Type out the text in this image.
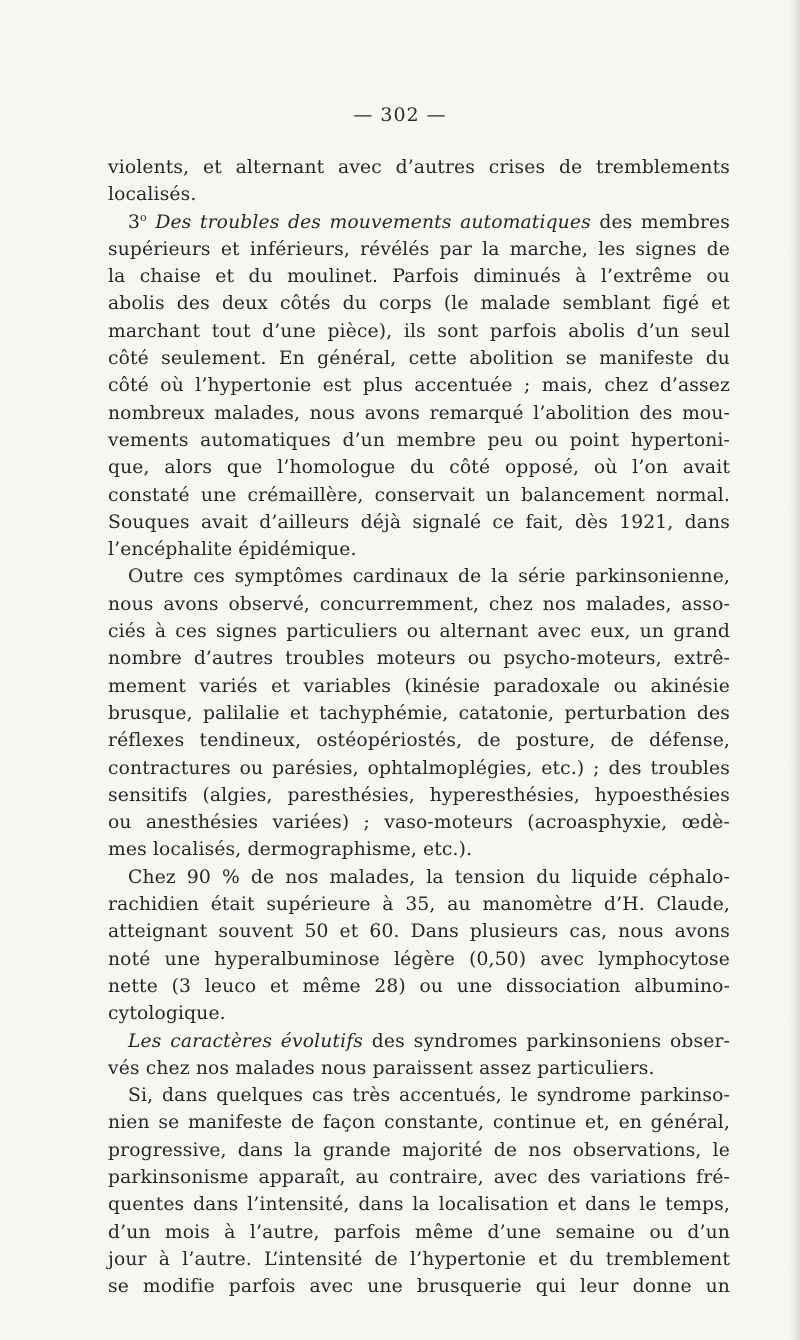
— 302 —
violents, et alternant avec d’autres crises de tremblements
localisés.
3$^o$ Des troubles des mouvements automatiques des membres
supérieurs et inférieurs, révélés par la marche, les signes de
la chaise et du moulinet. Parfois diminués à l’extrême ou
abolis des deux côtés du corps (le malade semblant figé et
marchant tout d’une pièce), ils sont parfois abolis d’un seul
côté seulement. En général, cette abolition se manifeste du
côté où l’hypertonie est plus accentuée ; mais, chez d’assez
nombreux malades, nous avons remarqué l’abolition des mou-
vements automatiques d’un membre peu ou point hypertoni-
que, alors que l’homologue du côté opposé, où l’on avait
constaté une crémaillère, conservait un balancement normal.
Souques avait d’ailleurs déjà signalé ce fait, dès 1921, dans
l’encéphalite épidémique.
Outre ces symptômes cardinaux de la série parkinsonienne,
nous avons observé, concurremment, chez nos malades, asso-
ciés à ces signes particuliers ou alternant avec eux, un grand
nombre d’autres troubles moteurs ou psycho-moteurs, extrê-
mement variés et variables (kinésie paradoxale ou akinésie
brusque, palilalie et tachyphémie, catatonie, perturbation des
réflexes tendineux, ostéopériostés, de posture, de défense,
contractures ou parésies, ophtalmoplégies, etc.) ; des troubles
sensitifs (algies, paresthésies, hyperesthésies, hypoesthésies
ou anesthésies variées) ; vaso-moteurs (acroasphyxie, œdè-
mes localisés, dermographisme, etc.).
Chez 90 % de nos malades, la tension du liquide céphalo-
rachidien était supérieure à 35, au manomètre d’H. Claude,
atteignant souvent 50 et 60. Dans plusieurs cas, nous avons
noté une hyperalbuminose légère (0,50) avec lymphocytose
nette (3 leuco et même 28) ou une dissociation albumino-
cytologique.
Les caractères évolutifs des syndromes parkinsoniens obser-
vés chez nos malades nous paraissent assez particuliers.
Si, dans quelques cas très accentués, le syndrome parkinso-
nien se manifeste de façon constante, continue et, en général,
progressive, dans la grande majorité de nos observations, le
parkinsonisme apparaît, au contraire, avec des variations fré-
quentes dans l’intensité, dans la localisation et dans le temps,
d’un mois à l’autre, parfois même d’une semaine ou d’un
jour à l’autre. L’intensité de l’hypertonie et du tremblement
se modifie parfois avec une brusquerie qui leur donne un
